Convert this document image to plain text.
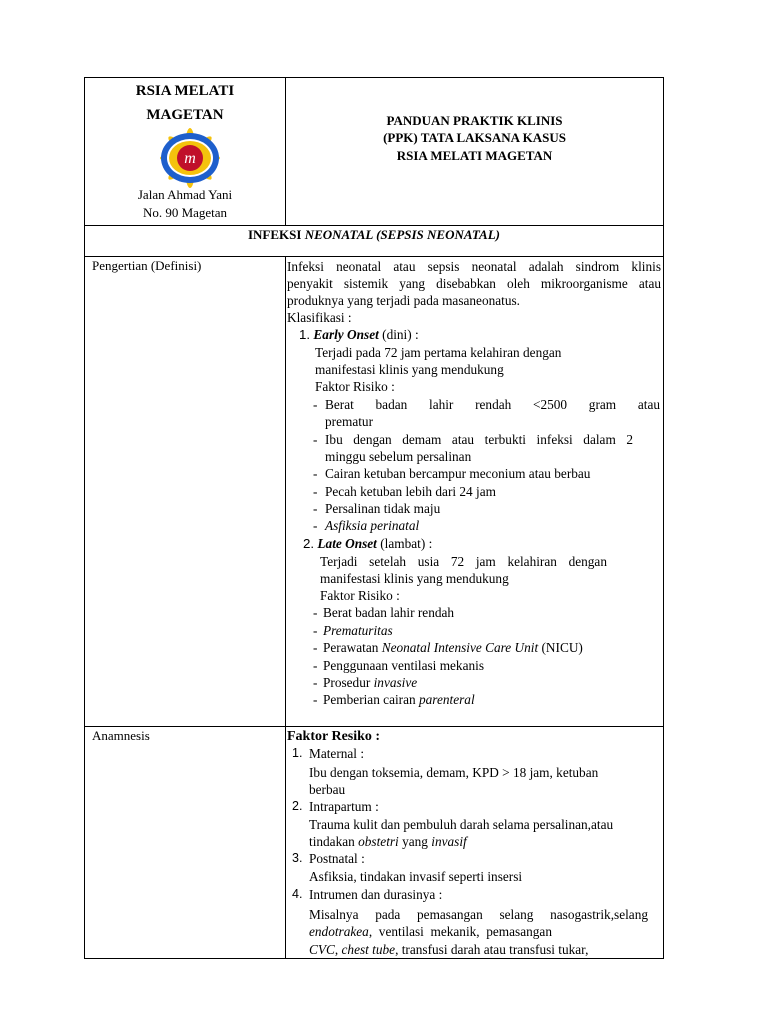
RSIA MELATI
MAGETAN
m
Jalan Ahmad Yani
No. 90 Magetan
PANDUAN PRAKTIK KLINIS
(PPK) TATA LAKSANA KASUS
RSIA MELATI MAGETAN
INFEKSI NEONATAL (SEPSIS NEONATAL)
Pengertian (Definisi)	Infeksi neonatal atau sepsis neonatal adalah sindrom klinis
penyakit sistemik yang disebabkan oleh mikroorganisme atau
produknya yang terjadi pada masaneonatus.
Klasifikasi :
1. Early Onset (dini) :
Terjadi pada 72 jam pertama kelahiran dengan
manifestasi klinis yang mendukung
Faktor Risiko :
- Berat badan lahir rendah <2500 gram atau
prematur
- Ibu dengan demam atau terbukti infeksi dalam 2
minggu sebelum persalinan
- Cairan ketuban bercampur meconium atau berbau
- Pecah ketuban lebih dari 24 jam
- Persalinan tidak maju
- Asfiksia perinatal
2. Late Onset (lambat) :
Terjadi setelah usia 72 jam kelahiran dengan
manifestasi klinis yang mendukung
Faktor Risiko :
- Berat badan lahir rendah
- Prematuritas
- Perawatan Neonatal Intensive Care Unit (NICU)
- Penggunaan ventilasi mekanis
- Prosedur invasive
- Pemberian cairan parenteral
Anamnesis	Faktor Resiko :
1. Maternal :
Ibu dengan toksemia, demam, KPD > 18 jam, ketuban
berbau
2. Intrapartum :
Trauma kulit dan pembuluh darah selama persalinan,atau
tindakan obstetri yang invasif
3. Postnatal :
Asfiksia, tindakan invasif seperti insersi
4. Intrumen dan durasinya :
Misalnya pada pemasangan selang nasogastrik,selang
endotrakea,  ventilasi  mekanik,  pemasangan
CVC, chest tube, transfusi darah atau transfusi tukar,
